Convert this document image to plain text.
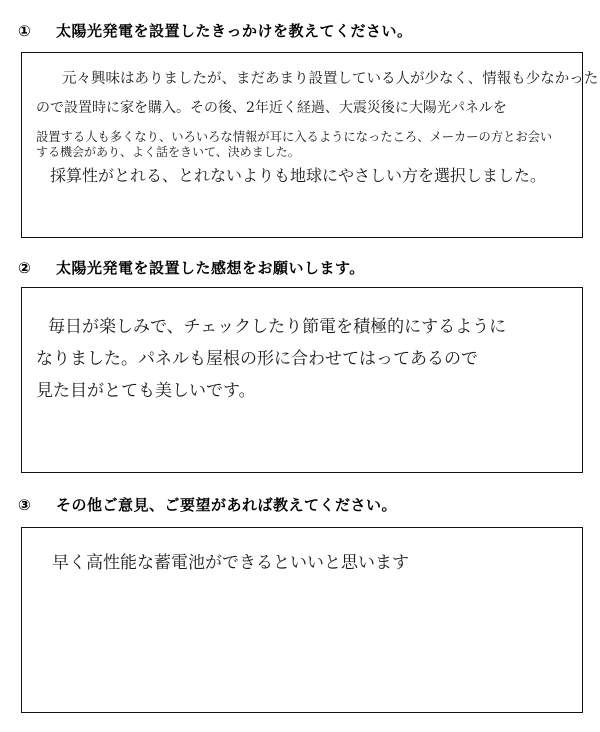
① 太陽光発電を設置したきっかけを教えてください。
元々興味はありましたが、まだあまり設置している人が少なく、情報も少なかった
ので設置時に家を購入。その後、2年近く経過、大震災後に大陽光パネルを
設置する人も多くなり、いろいろな情報が耳に入るようになったころ、メーカーの方とお会い
する機会があり、よく話をきいて、決めました。
採算性がとれる、とれないよりも地球にやさしい方を選択しました。
② 太陽光発電を設置した感想をお願いします。
毎日が楽しみで、チェックしたり節電を積極的にするように
なりました。パネルも屋根の形に合わせてはってあるので
見た目がとても美しいです。
③ その他ご意見、ご要望があれば教えてください。
早く高性能な蓄電池ができるといいと思います
